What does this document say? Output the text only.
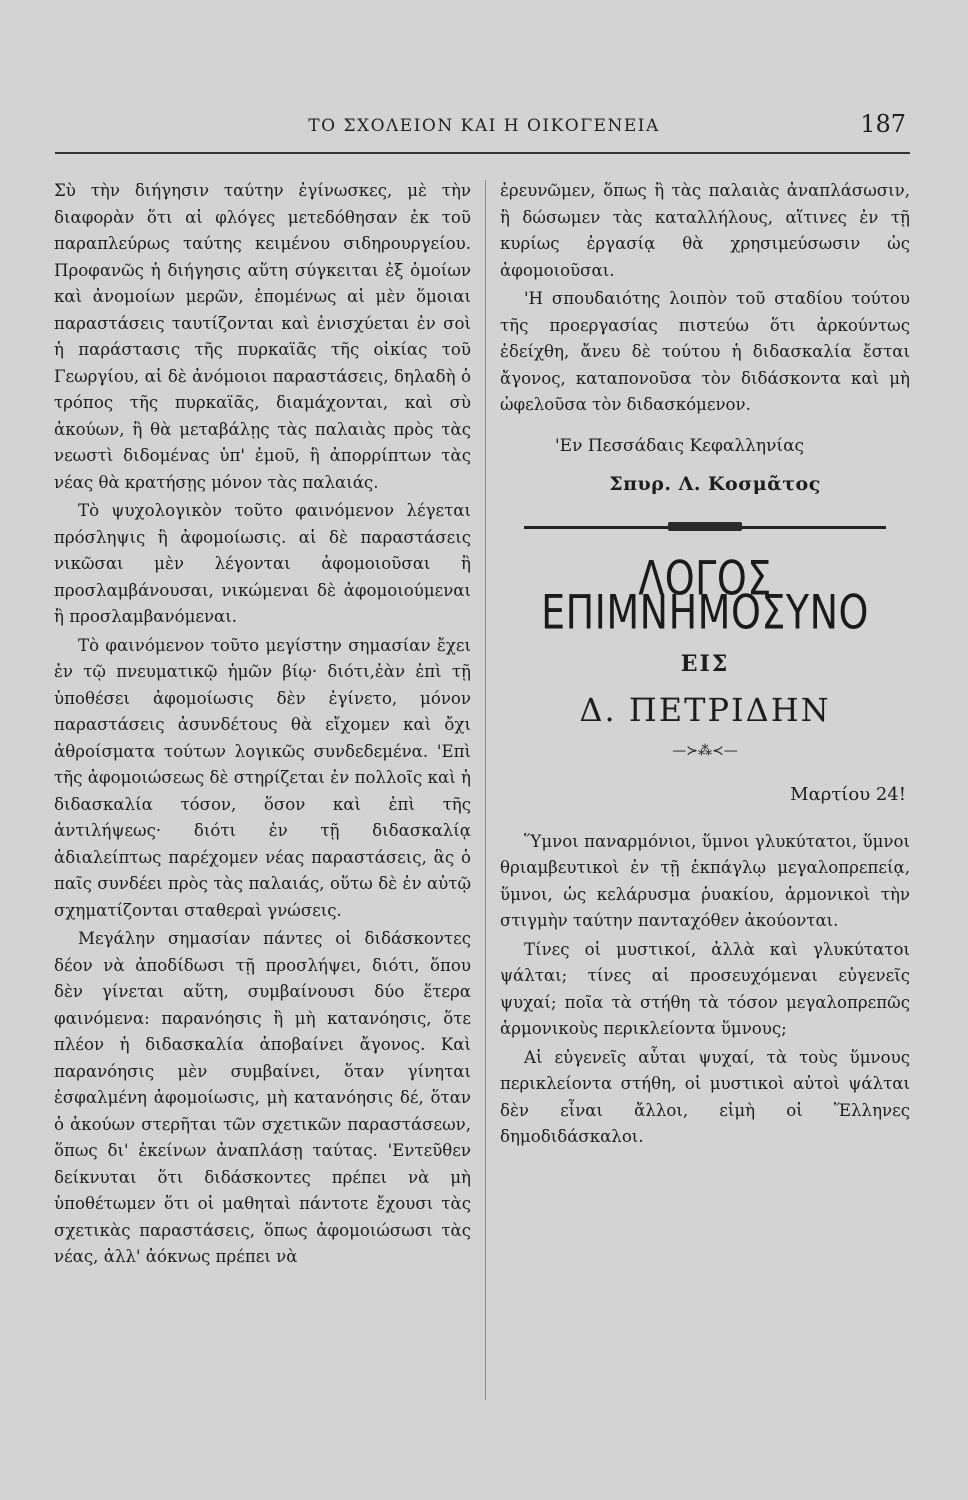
ΤΟ ΣΧΟΛΕΙΟΝ ΚΑΙ Η ΟΙΚΟΓΕΝΕΙΑ	187

Σὺ τὴν διήγησιν ταύτην ἐγίνωσκες, μὲ τὴν διαφορὰν ὅτι αἱ φλόγες μετεδόθησαν ἐκ τοῦ παραπλεύρως ταύτης κειμένου σιδηρουργείου. Προφανῶς ἡ διήγησις αὕτη σύγκειται ἐξ ὁμοίων καὶ ἀνομοίων μερῶν, ἑπομένως αἱ μὲν ὅμοιαι παραστάσεις ταυτίζονται καὶ ἐνισχύεται ἐν σοὶ ἡ παράστασις τῆς πυρκαϊᾶς τῆς οἰκίας τοῦ Γεωργίου, αἱ δὲ ἀνόμοιοι παραστάσεις, δηλαδὴ ὁ τρόπος τῆς πυρκαϊᾶς, διαμάχονται, καὶ σὺ ἀκούων, ἢ θὰ μεταβάλῃς τὰς παλαιὰς πρὸς τὰς νεωστὶ διδομένας ὑπ' ἐμοῦ, ἢ ἀπορρίπτων τὰς νέας θὰ κρατήσῃς μόνον τὰς παλαιάς.

Τὸ ψυχολογικὸν τοῦτο φαινόμενον λέγεται πρόσληψις ἢ ἀφομοίωσις. αἱ δὲ παραστάσεις νικῶσαι μὲν λέγονται ἀφομοιοῦσαι ἢ προσλαμβάνουσαι, νικώμεναι δὲ ἀφομοιούμεναι ἢ προσλαμβανόμεναι.

Τὸ φαινόμενον τοῦτο μεγίστην σημασίαν ἔχει ἐν τῷ πνευματικῷ ἡμῶν βίῳ· διότι,ἐὰν ἐπὶ τῇ ὑποθέσει ἀφομοίωσις δὲν ἐγίνετο, μόνον παραστάσεις ἀσυνδέτους θὰ εἴχομεν καὶ ὄχι ἀθροίσματα τούτων λογικῶς συνδεδεμένα. 'Επὶ τῆς ἀφομοιώσεως δὲ στηρίζεται ἐν πολλοῖς καὶ ἡ διδασκαλία τόσον, ὅσον καὶ ἐπὶ τῆς ἀντιλήψεως· διότι ἐν τῇ διδασκαλίᾳ ἀδιαλείπτως παρέχομεν νέας παραστάσεις, ἃς ὁ παῖς συνδέει πρὸς τὰς παλαιάς, οὕτω δὲ ἐν αὐτῷ σχηματίζονται σταθεραὶ γνώσεις.

Μεγάλην σημασίαν πάντες οἱ διδάσκοντες δέον νὰ ἀποδίδωσι τῇ προσλήψει, διότι, ὅπου δὲν γίνεται αὕτη, συμβαίνουσι δύο ἕτερα φαινόμενα: παρανόησις ἢ μὴ κατανόησις, ὅτε πλέον ἡ διδασκαλία ἀποβαίνει ἄγονος. Καὶ παρανόησις μὲν συμβαίνει, ὅταν γίνηται ἐσφαλμένη ἀφομοίωσις, μὴ κατανόησις δέ, ὅταν ὁ ἀκούων στερῆται τῶν σχετικῶν παραστάσεων, ὅπως δι' ἐκείνων ἀναπλάσῃ ταύτας. 'Εντεῦθεν δείκνυται ὅτι διδάσκοντες πρέπει νὰ μὴ ὑποθέτωμεν ὅτι οἱ μαθηταὶ πάντοτε ἔχουσι τὰς σχετικὰς παραστάσεις, ὅπως ἀφομοιώσωσι τὰς νέας, ἀλλ' ἀόκνως πρέπει νὰ

ἐρευνῶμεν, ὅπως ἢ τὰς παλαιὰς ἀναπλάσωσιν, ἢ δώσωμεν τὰς καταλλήλους, αἵτινες ἐν τῇ κυρίως ἐργασίᾳ θὰ χρησιμεύσωσιν ὡς ἀφομοιοῦσαι.

'Η σπουδαιότης λοιπὸν τοῦ σταδίου τούτου τῆς προεργασίας πιστεύω ὅτι ἀρκούντως ἐδείχθη, ἄνευ δὲ τούτου ἡ διδασκαλία ἔσται ἄγονος, καταπονοῦσα τὸν διδάσκοντα καὶ μὴ ὠφελοῦσα τὸν διδασκόμενον.

'Εν Πεσσάδαις Κεφαλληνίας
Σπυρ. Λ. Κοσμᾶτος
ΛΟΓΟΣ ΕΠΙΜΝΗΜΟΣΥΝΟ
ΕΙΣ
Δ. ΠΕΤΡΙΔΗΝ
—≻⁂≺—
Μαρτίου 24!

Ὕμνοι παναρμόνιοι, ὕμνοι γλυκύτατοι, ὕμνοι θριαμβευτικοὶ ἐν τῇ ἐκπάγλῳ μεγαλοπρεπείᾳ, ὕμνοι, ὡς κελάρυσμα ῥυακίου, ἁρμονικοὶ τὴν στιγμὴν ταύτην πανταχόθεν ἀκούονται.

Τίνες οἱ μυστικοί, ἀλλὰ καὶ γλυκύτατοι ψάλται; τίνες αἱ προσευχόμεναι εὐγενεῖς ψυχαί; ποῖα τὰ στήθη τὰ τόσον μεγαλοπρεπῶς ἁρμονικοὺς περικλείοντα ὕμνους;

Αἱ εὐγενεῖς αὗται ψυχαί, τὰ τοὺς ὕμνους περικλείοντα στήθη, οἱ μυστικοὶ αὐτοὶ ψάλται δὲν εἶναι ἄλλοι, εἰμὴ οἱ Ἕλληνες δημοδιδάσκαλοι.
